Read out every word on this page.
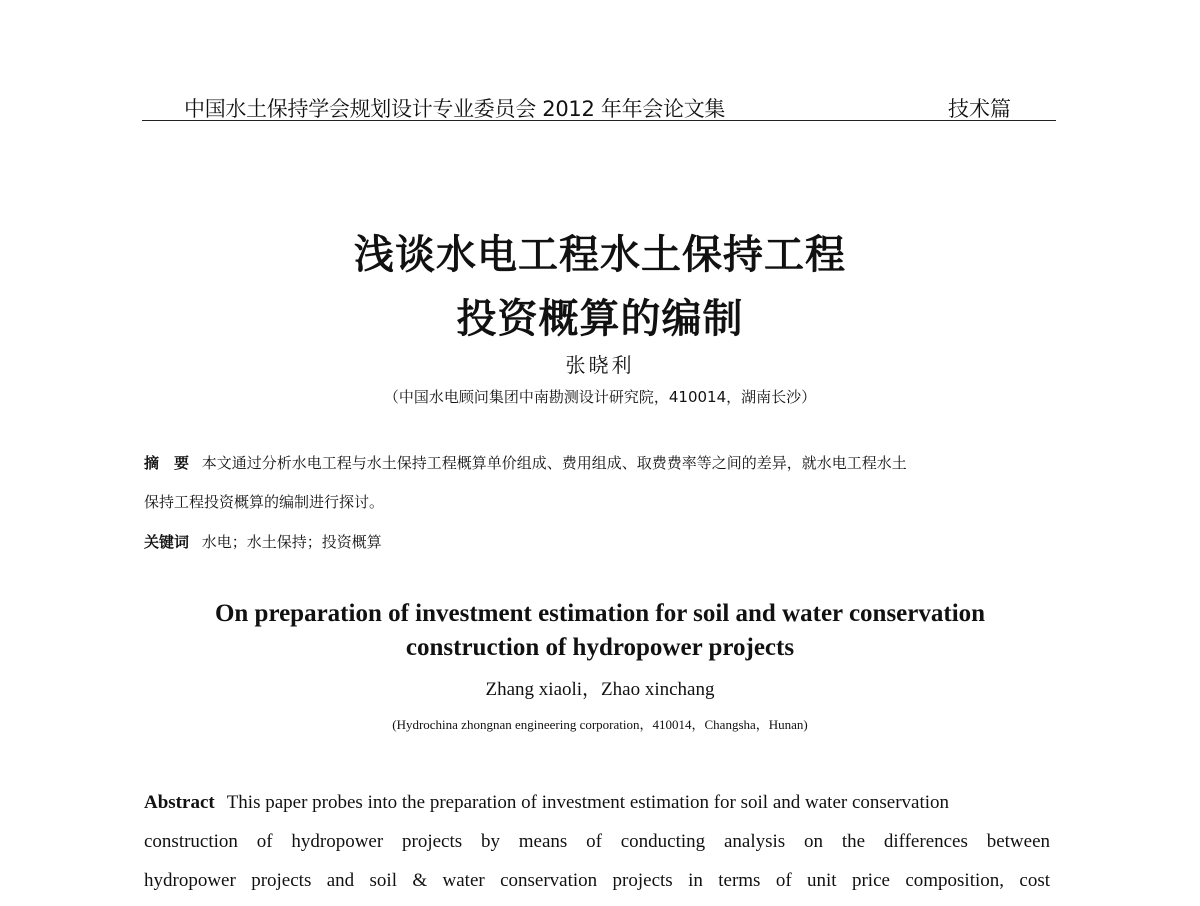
中国水土保持学会规划设计专业委员会 2012 年年会论文集	技术篇
浅谈水电工程水土保持工程
投资概算的编制
张晓利
（中国水电顾问集团中南勘测设计研究院，410014，湖南长沙）
摘　要 本文通过分析水电工程与水土保持工程概算单价组成、费用组成、取费费率等之间的差异，就水电工程水土
保持工程投资概算的编制进行探讨。
关键词 水电；水土保持；投资概算
On preparation of investment estimation for soil and water conservation
construction of hydropower projects
Zhang xiaoli，Zhao xinchang
(Hydrochina zhongnan engineering corporation，410014，Changsha，Hunan)
Abstract This paper probes into the preparation of investment estimation for soil and water conservation
construction of hydropower projects by means of conducting analysis on the differences between
hydropower projects and soil & water conservation projects in terms of unit price composition, cost
